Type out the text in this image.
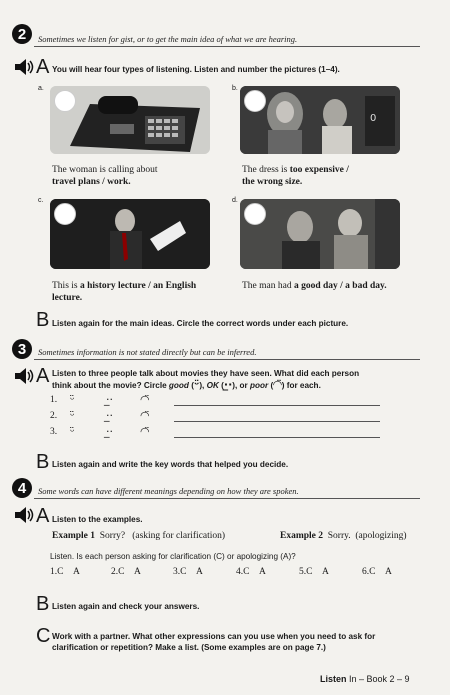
2	Sometimes we listen for gist, or to get the main idea of what we are hearing.
A You will hear four types of listening. Listen and number the pictures (1–4).
a.
The woman is calling about
travel plans / work.
b.
0
The dress is too expensive /
the wrong size.
c.
This is a history lecture / an English
lecture.
d.
The man had a good day / a bad day.
B Listen again for the main ideas. Circle the correct words under each picture.
3	Sometimes information is not stated directly but can be inferred.
A Listen to three people talk about movies they have seen. What did each person
think about the movie? Circle good (ᵕ̈), OK (·̲·), or poor (◠̈) for each.
1. ᵕ̈	·̲· ◠̈
2. ᵕ̈	·̲· ◠̈
3. ᵕ̈	·̲· ◠̈
B Listen again and write the key words that helped you decide.
4	Some words can have different meanings depending on how they are spoken.
A Listen to the examples.
Example 1 Sorry? (asking for clarification)	Example 2 Sorry. (apologizing)
Listen. Is each person asking for clarification (C) or apologizing (A)?
1.C A	2.C A	3.C A	4.C A	5.C A	6.C A
B Listen again and check your answers.
C Work with a partner. What other expressions can you use when you need to ask for
clarification or repetition? Make a list. (Some examples are on page 7.)
Listen In – Book 2 – 9
